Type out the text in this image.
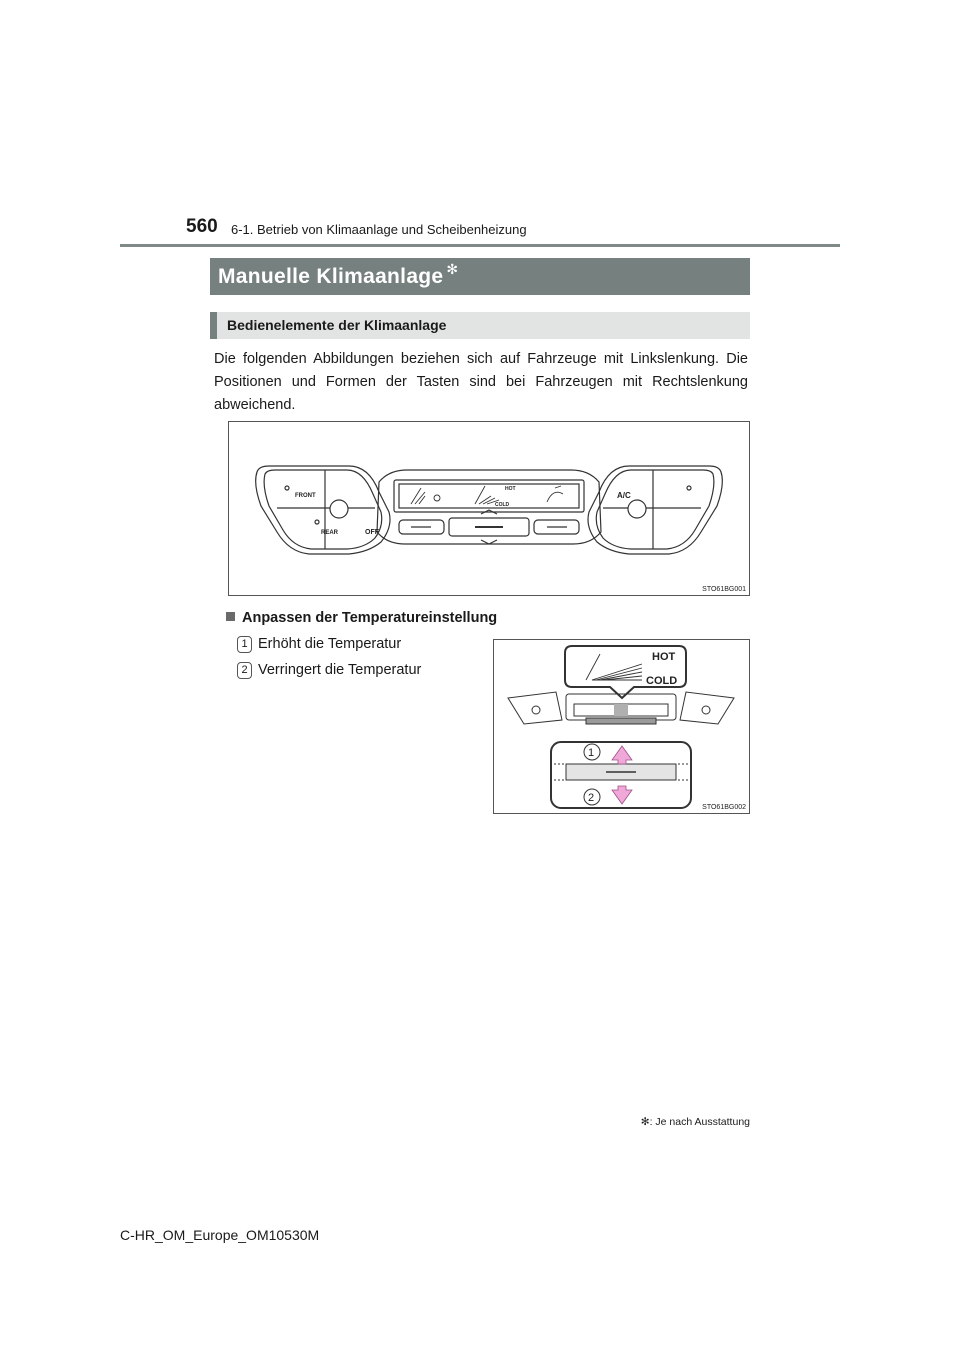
560 6-1. Betrieb von Klimaanlage und Scheibenheizung
Manuelle Klimaanlage ✻
Bedienelemente der Klimaanlage
Die folgenden Abbildungen beziehen sich auf Fahrzeuge mit Linkslenkung. Die Positionen und Formen der Tasten sind bei Fahrzeugen mit Rechtslenkung abweichend.
FRONT
REAR	OFF
A/C
HOT
COLD
STO61BG001
Anpassen der Temperatureinstellung
1 Erhöht die Temperatur
2 Verringert die Temperatur
HOT
COLD
1
2
STO61BG002
✻: Je nach Ausstattung
C-HR_OM_Europe_OM10530M
